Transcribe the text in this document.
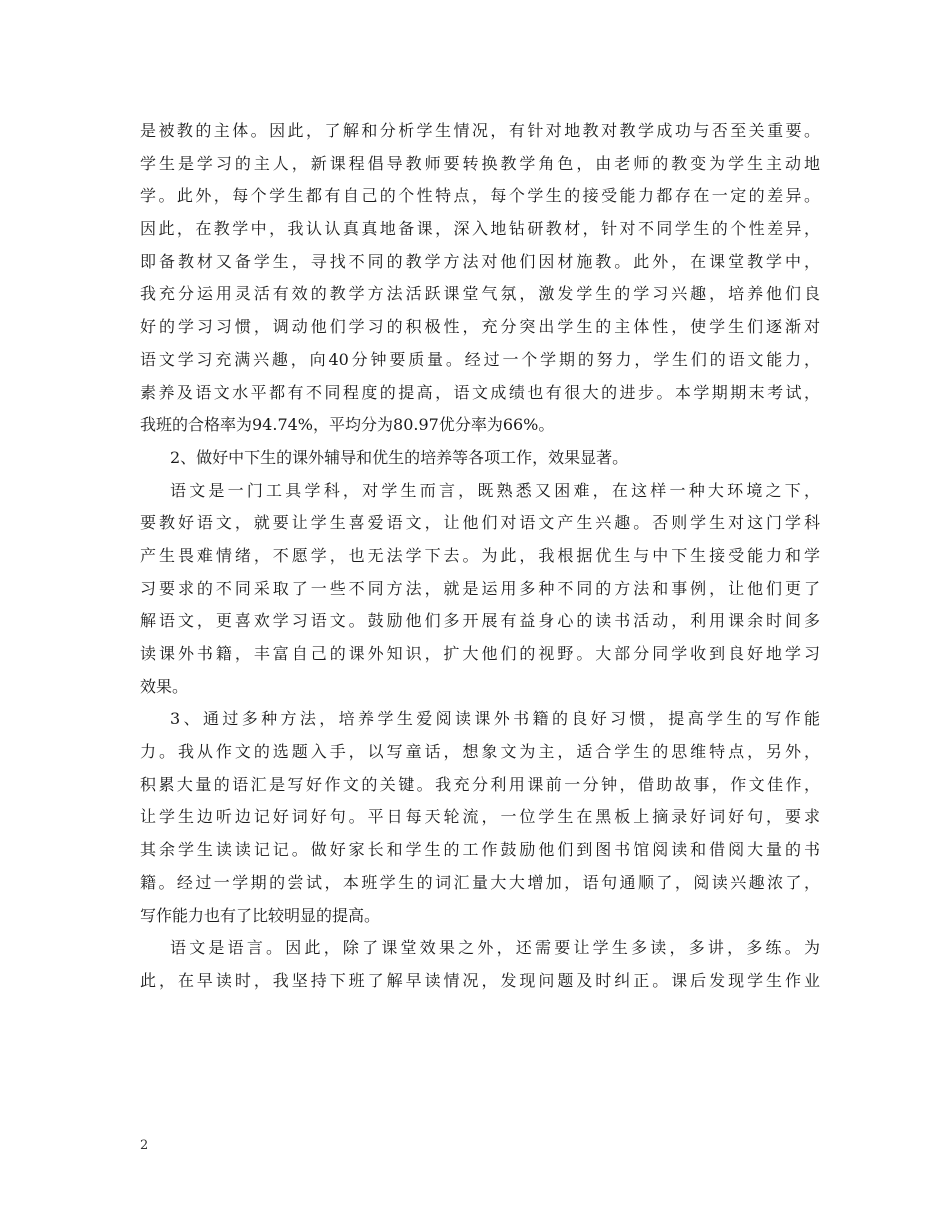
是被教的主体。因此，了解和分析学生情况，有针对地教对教学成功与否至关重要。
学生是学习的主人，新课程倡导教师要转换教学角色，由老师的教变为学生主动地
学。此外，每个学生都有自己的个性特点，每个学生的接受能力都存在一定的差异。
因此，在教学中，我认认真真地备课，深入地钻研教材，针对不同学生的个性差异，
即备教材又备学生，寻找不同的教学方法对他们因材施教。此外，在课堂教学中，
我充分运用灵活有效的教学方法活跃课堂气氛，激发学生的学习兴趣，培养他们良
好的学习习惯，调动他们学习的积极性，充分突出学生的主体性，使学生们逐渐对
语文学习充满兴趣，向40分钟要质量。经过一个学期的努力，学生们的语文能力，
素养及语文水平都有不同程度的提高，语文成绩也有很大的进步。本学期期末考试，
我班的合格率为94.74%，平均分为80.97优分率为66%。
2、做好中下生的课外辅导和优生的培养等各项工作，效果显著。
语文是一门工具学科，对学生而言，既熟悉又困难，在这样一种大环境之下，
要教好语文，就要让学生喜爱语文，让他们对语文产生兴趣。否则学生对这门学科
产生畏难情绪，不愿学，也无法学下去。为此，我根据优生与中下生接受能力和学
习要求的不同采取了一些不同方法，就是运用多种不同的方法和事例，让他们更了
解语文，更喜欢学习语文。鼓励他们多开展有益身心的读书活动，利用课余时间多
读课外书籍，丰富自己的课外知识，扩大他们的视野。大部分同学收到良好地学习
效果。
3、通过多种方法，培养学生爱阅读课外书籍的良好习惯，提高学生的写作能
力。我从作文的选题入手，以写童话，想象文为主，适合学生的思维特点，另外，
积累大量的语汇是写好作文的关键。我充分利用课前一分钟，借助故事，作文佳作，
让学生边听边记好词好句。平日每天轮流，一位学生在黑板上摘录好词好句，要求
其余学生读读记记。做好家长和学生的工作鼓励他们到图书馆阅读和借阅大量的书
籍。经过一学期的尝试，本班学生的词汇量大大增加，语句通顺了，阅读兴趣浓了，
写作能力也有了比较明显的提高。
语文是语言。因此，除了课堂效果之外，还需要让学生多读，多讲，多练。为
此，在早读时，我坚持下班了解早读情况，发现问题及时纠正。课后发现学生作业
2
